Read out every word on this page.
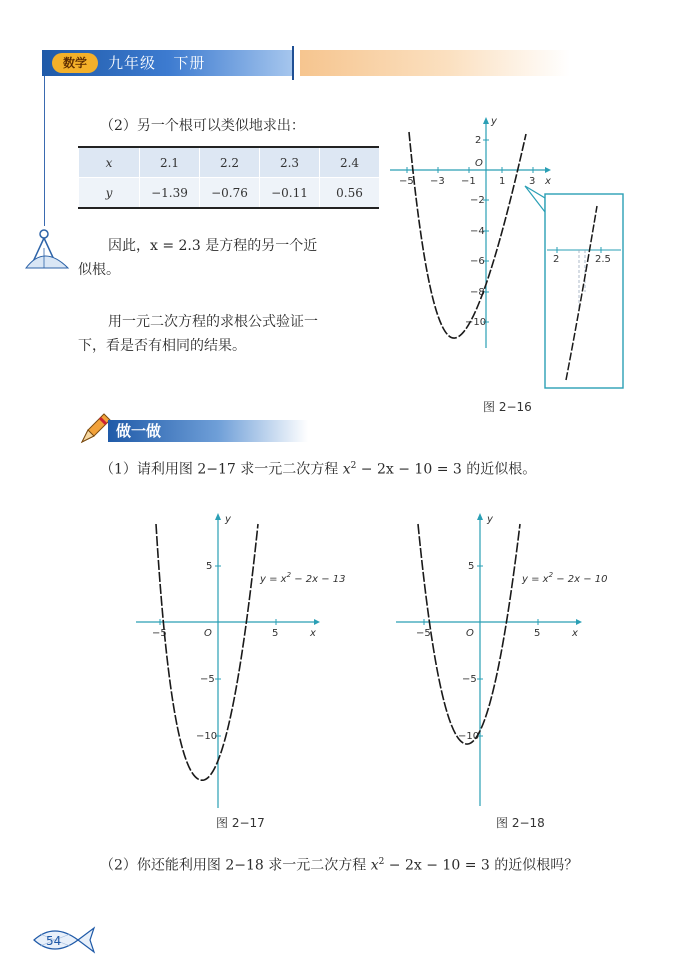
数学	九年级 下册
（2）另一个根可以类似地求出：
x	2.1	2.2	2.3	2.4
y	−1.39	−0.76	−0.11	0.56
因此，x = 2.3 是方程的另一个近
似根。
用一元二次方程的求根公式验证一
下，看是否有相同的结果。
y
x
O
−5 −3 −1 1 3
2
−2
−4
−6
−8
−10
2	2.5
图 2−16
做一做
（1）请利用图 2−17 求一元二次方程 $x^2 - 2x - 10 = 3$ 的近似根。
y
x
O
−5	5
5
−5
−10
$y = x^2 - 2x - 13$
图 2−17
y
x
O
−5	5
5
−5
−10
$y = x^2 - 2x - 10$
图 2−18
（2）你还能利用图 2−18 求一元二次方程 $x^2 - 2x - 10 = 3$ 的近似根吗？
54
